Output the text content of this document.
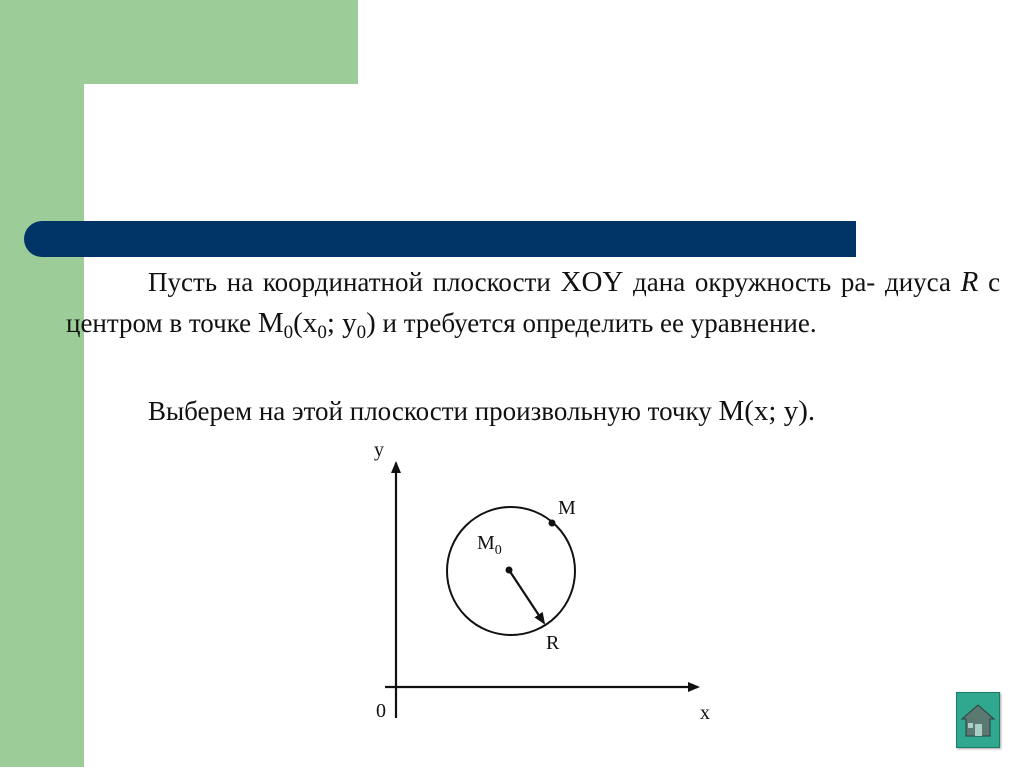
Пусть на координатной плоскости XOY дана окружность ра- диуса R с центром в точке $M_0(x_0$; $y_0$) и требуется определить ее уравнение.

Выберем на этой плоскости произвольную точку M(x; y).

y
x
0
M
$M_0$
R
